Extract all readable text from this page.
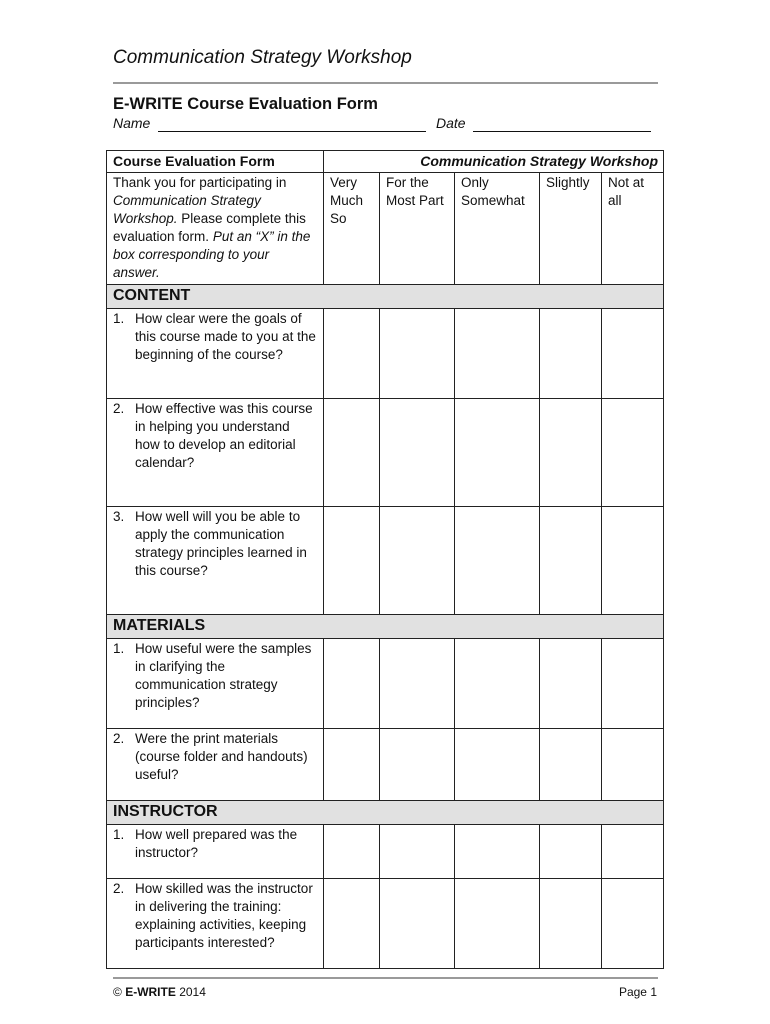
Communication Strategy Workshop
E-WRITE Course Evaluation Form
Name	Date
Course Evaluation Form	Communication Strategy Workshop				
Thank you for participating in Communication Strategy Workshop. Please complete this evaluation form. Put an “X” in the box corresponding to your answer.	Very Much So	For the Most Part	Only Somewhat	Slightly	Not at all
CONTENT					

1. How clear were the goals of this course made to you at the beginning of the course?					

2. How effective was this course in helping you understand how to develop an editorial calendar?					

3. How well will you be able to apply the communication strategy principles learned in this course?					

MATERIALS					

1. How useful were the samples in clarifying the communication strategy principles?					

2. Were the print materials (course folder and handouts) useful?					

INSTRUCTOR					

1. How well prepared was the instructor?					

2. How skilled was the instructor in delivering the training: explaining activities, keeping participants interested?					

© E-WRITE 2014	Page 1
